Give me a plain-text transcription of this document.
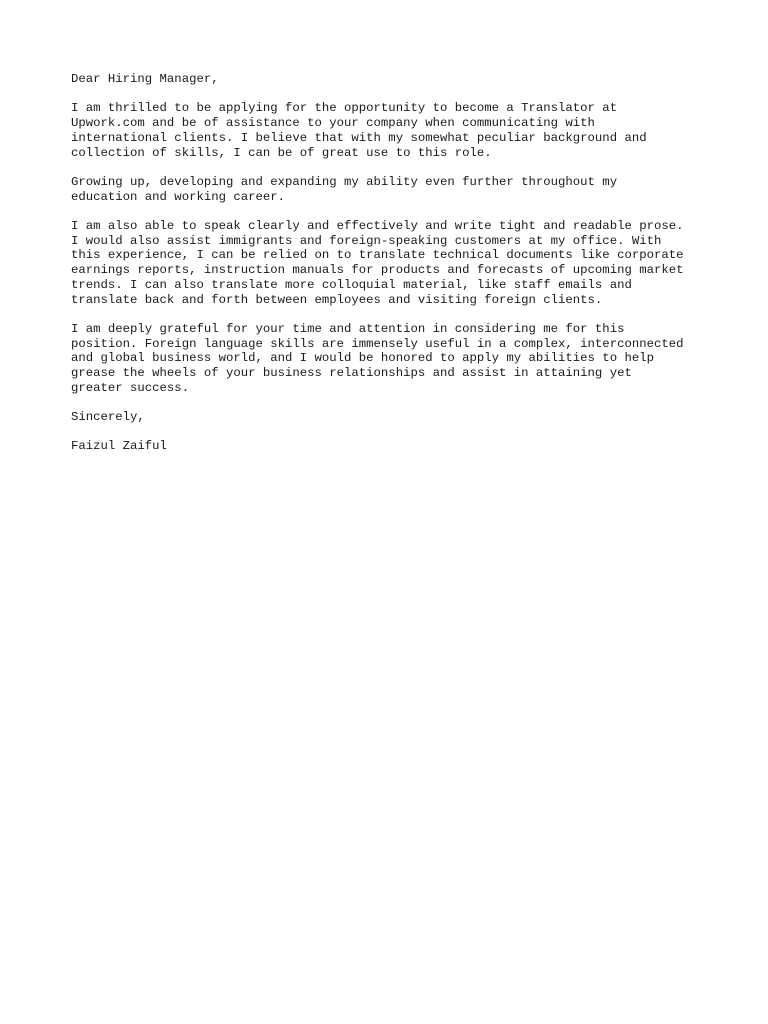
Dear Hiring Manager,

I am thrilled to be applying for the opportunity to become a Translator at
Upwork.com and be of assistance to your company when communicating with
international clients. I believe that with my somewhat peculiar background and
collection of skills, I can be of great use to this role.

Growing up, developing and expanding my ability even further throughout my
education and working career.

I am also able to speak clearly and effectively and write tight and readable prose.
I would also assist immigrants and foreign-speaking customers at my office. With
this experience, I can be relied on to translate technical documents like corporate
earnings reports, instruction manuals for products and forecasts of upcoming market
trends. I can also translate more colloquial material, like staff emails and
translate back and forth between employees and visiting foreign clients.

I am deeply grateful for your time and attention in considering me for this
position. Foreign language skills are immensely useful in a complex, interconnected
and global business world, and I would be honored to apply my abilities to help
grease the wheels of your business relationships and assist in attaining yet
greater success.

Sincerely,

Faizul Zaiful
